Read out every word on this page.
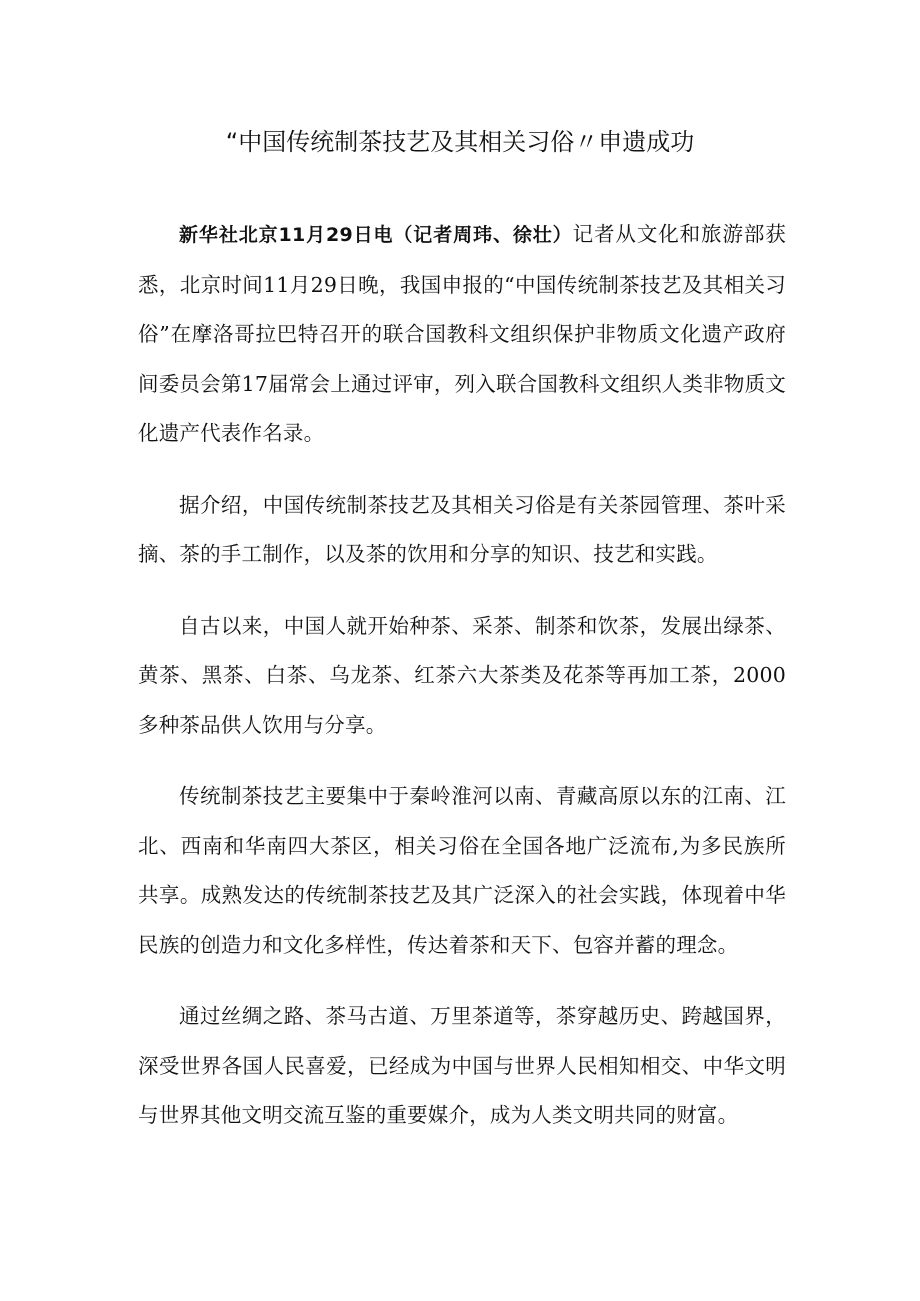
“中国传统制茶技艺及其相关习俗〃申遗成功

新华社北京11月29日电（记者周玮、徐壮）记者从文化和旅游部获悉，北京时间11月29日晚，我国申报的“中国传统制茶技艺及其相关习俗”在摩洛哥拉巴特召开的联合国教科文组织保护非物质文化遗产政府间委员会第17届常会上通过评审，列入联合国教科文组织人类非物质文化遗产代表作名录。

据介绍，中国传统制茶技艺及其相关习俗是有关茶园管理、茶叶采摘、茶的手工制作，以及茶的饮用和分享的知识、技艺和实践。

自古以来，中国人就开始种茶、采茶、制茶和饮茶，发展出绿茶、黄茶、黑茶、白茶、乌龙茶、红茶六大茶类及花茶等再加工茶，2000多种茶品供人饮用与分享。

传统制茶技艺主要集中于秦岭淮河以南、青藏高原以东的江南、江北、西南和华南四大茶区，相关习俗在全国各地广泛流布,为多民族所共享。成熟发达的传统制茶技艺及其广泛深入的社会实践，体现着中华民族的创造力和文化多样性，传达着茶和天下、包容并蓄的理念。

通过丝绸之路、茶马古道、万里茶道等，茶穿越历史、跨越国界，深受世界各国人民喜爱，已经成为中国与世界人民相知相交、中华文明与世界其他文明交流互鉴的重要媒介，成为人类文明共同的财富。
